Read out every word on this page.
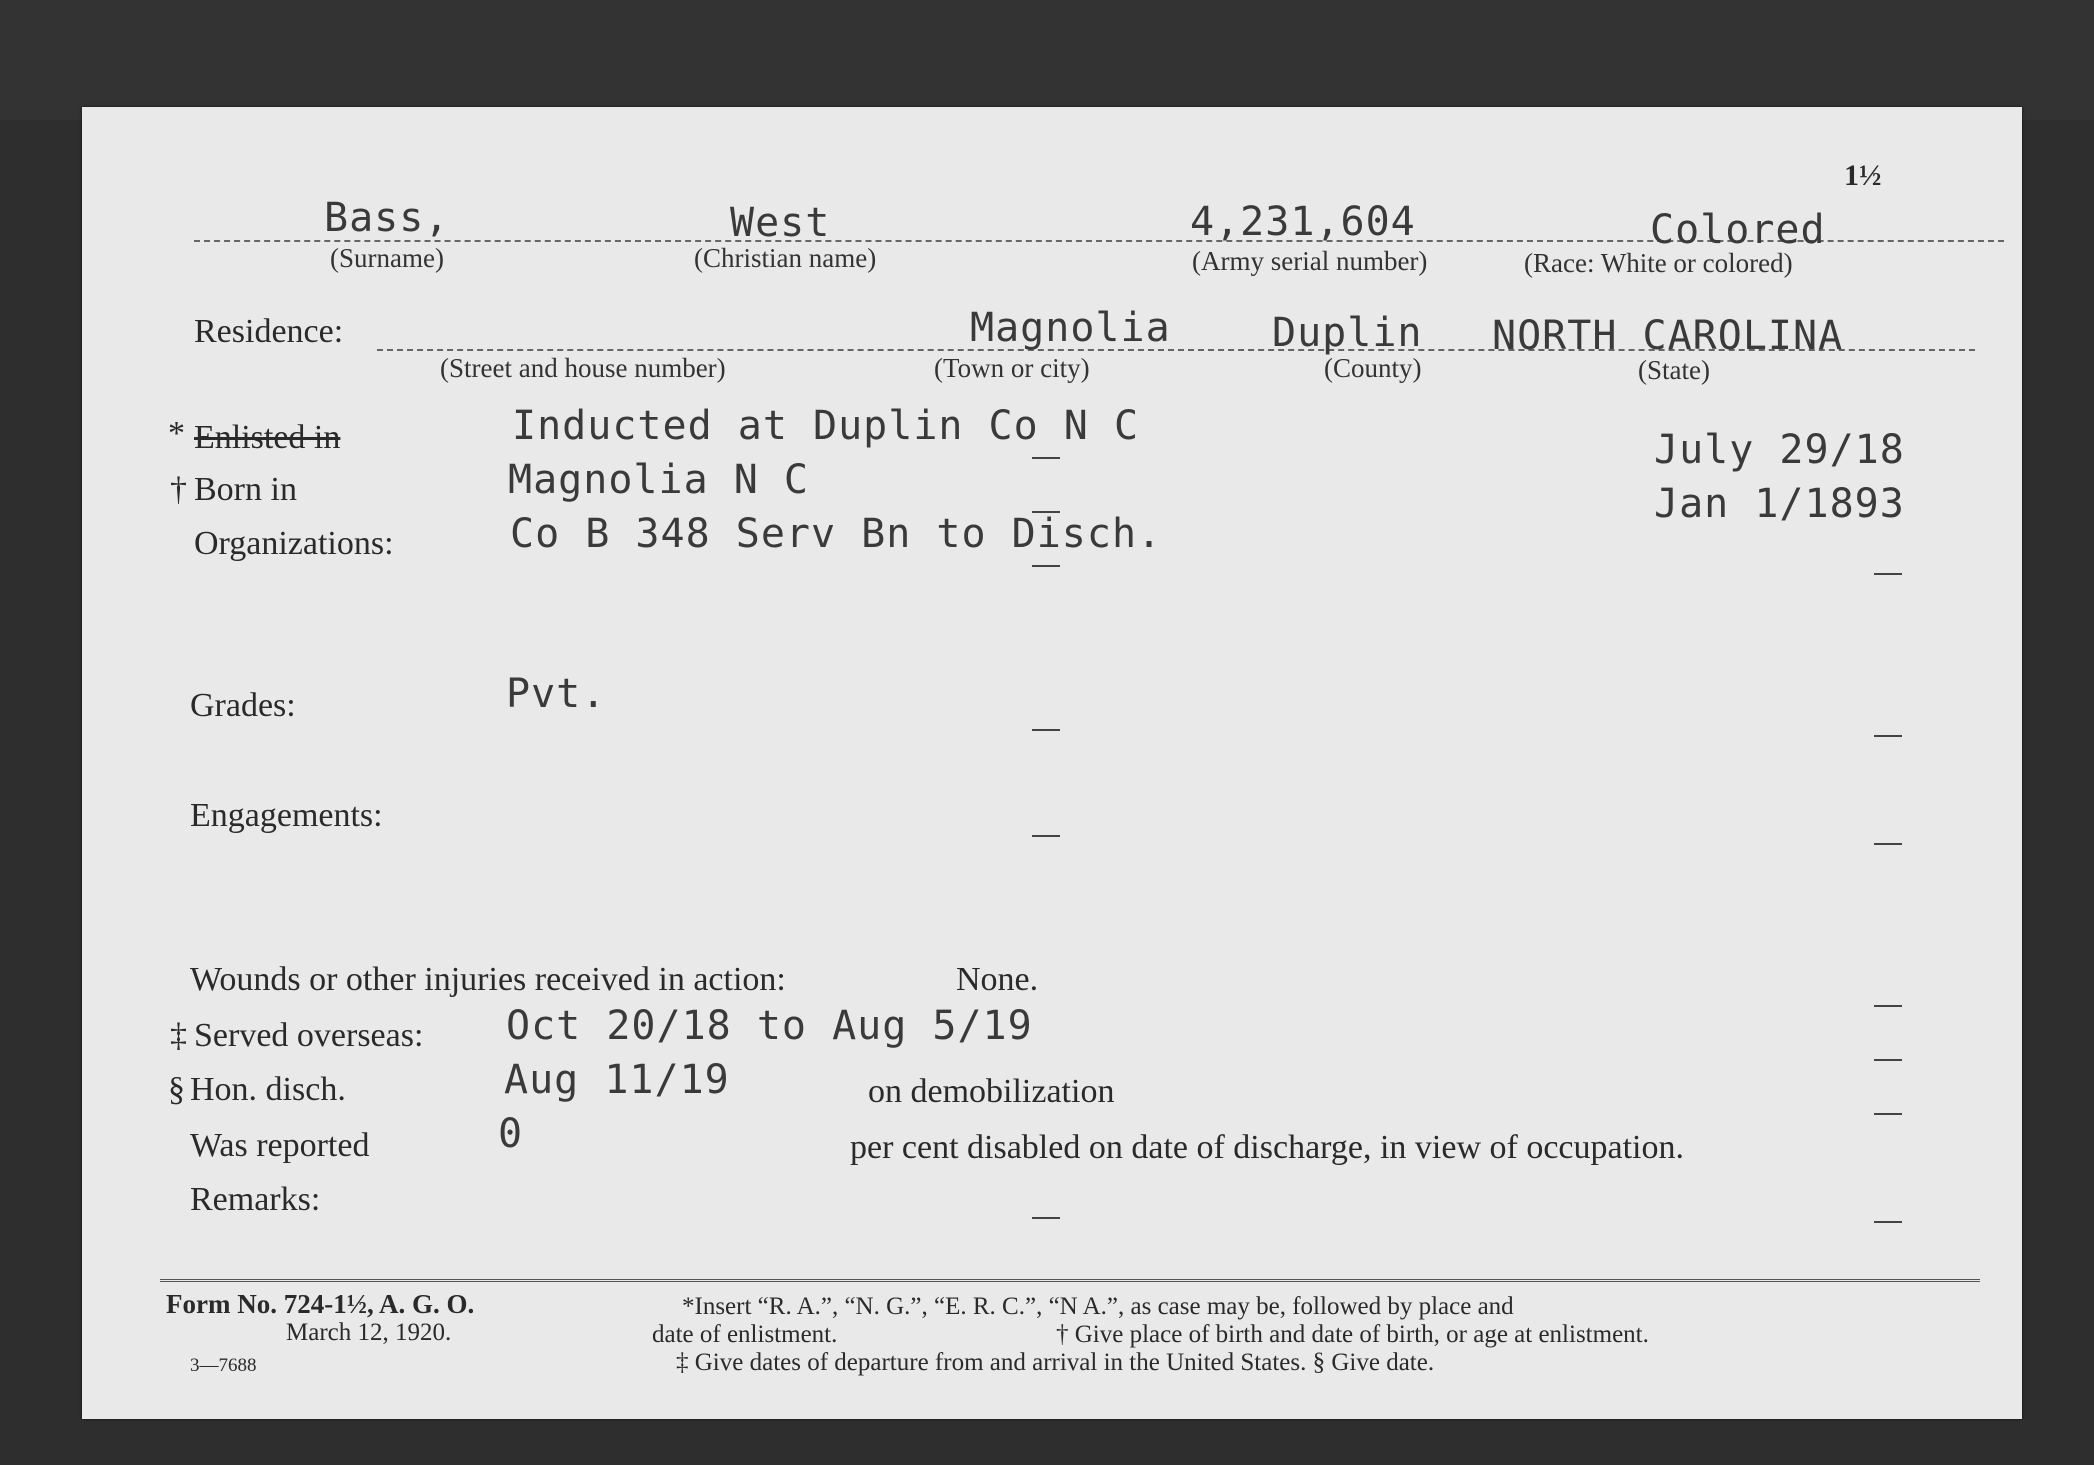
1½
Bass,	West	4,231,604	Colored
(Surname)	(Christian name)	(Army serial number)	(Race: White or colored)
Residence:	Magnolia	Duplin NORTH CAROLINA
(Street and house number)	(Town or city)	(County)	(State)
* Enlisted in	Inducted at Duplin Co N C
July 29/18
† Born in	Magnolia N C
Jan 1/1893
Organizations:	Co B 348 Serv Bn to Disch.
Grades:	Pvt.
Engagements:
Wounds or other injuries received in action:	None.
‡ Served overseas: Oct 20/18 to Aug 5/19
§ Hon. disch.	Aug 11/19	on demobilization
Was reported	0	per cent disabled on date of discharge, in view of occupation.
Remarks:
Form No. 724-1½, A. G. O.
March 12, 1920.
3—7688
*Insert “R. A.”, “N. G.”, “E. R. C.”, “N A.”, as case may be, followed by place and
date of enlistment.	† Give place of birth and date of birth, or age at enlistment.
‡ Give dates of departure from and arrival in the United States. § Give date.
